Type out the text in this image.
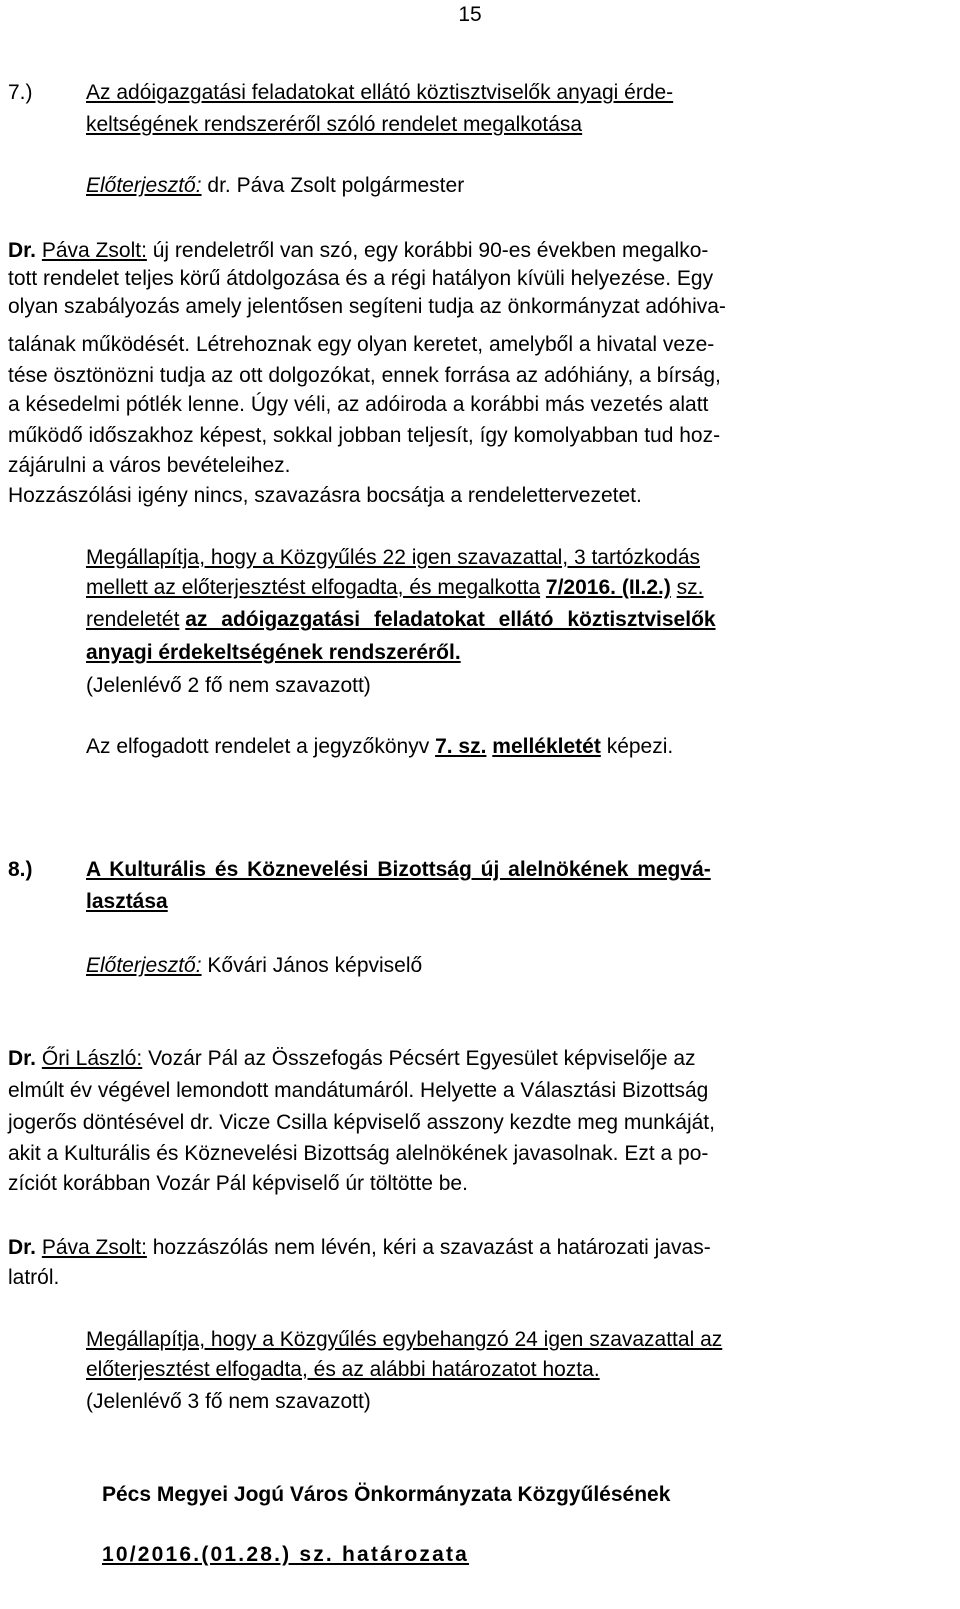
15
7.)	Az adóigazgatási feladatokat ellátó köztisztviselők anyagi érde-
keltségének rendszeréről szóló rendelet megalkotása
Előterjesztő: dr. Páva Zsolt polgármester
Dr. Páva Zsolt: új rendeletről van szó, egy korábbi 90-es években megalko-
tott rendelet teljes körű átdolgozása és a régi hatályon kívüli helyezése. Egy
olyan szabályozás amely jelentősen segíteni tudja az önkormányzat adóhiva-
talának működését. Létrehoznak egy olyan keretet, amelyből a hivatal veze-
tése ösztönözni tudja az ott dolgozókat, ennek forrása az adóhiány, a bírság,
a késedelmi pótlék lenne. Úgy véli, az adóiroda a korábbi más vezetés alatt
működő időszakhoz képest, sokkal jobban teljesít, így komolyabban tud hoz-
zájárulni a város bevételeihez.
Hozzászólási igény nincs, szavazásra bocsátja a rendelettervezetet.
Megállapítja, hogy a Közgyűlés 22 igen szavazattal, 3 tartózkodás
mellett az előterjesztést elfogadta, és megalkotta 7/2016. (II.2.) sz.
rendeletét az adóigazgatási feladatokat ellátó köztisztviselők
anyagi érdekeltségének rendszeréről.
(Jelenlévő 2 fő nem szavazott)
Az elfogadott rendelet a jegyzőkönyv 7. sz. mellékletét képezi.
8.)	A Kulturális és Köznevelési Bizottság új alelnökének megvá-
lasztása
Előterjesztő: Kővári János képviselő
Dr. Őri László: Vozár Pál az Összefogás Pécsért Egyesület képviselője az
elmúlt év végével lemondott mandátumáról. Helyette a Választási Bizottság
jogerős döntésével dr. Vicze Csilla képviselő asszony kezdte meg munkáját,
akit a Kulturális és Köznevelési Bizottság alelnökének javasolnak. Ezt a po-
zíciót korábban Vozár Pál képviselő úr töltötte be.
Dr. Páva Zsolt: hozzászólás nem lévén, kéri a szavazást a határozati javas-
latról.
Megállapítja, hogy a Közgyűlés egybehangzó 24 igen szavazattal az
előterjesztést elfogadta, és az alábbi határozatot hozta.
(Jelenlévő 3 fő nem szavazott)
Pécs Megyei Jogú Város Önkormányzata Közgyűlésének
10/2016.(01.28.) sz. határozata
